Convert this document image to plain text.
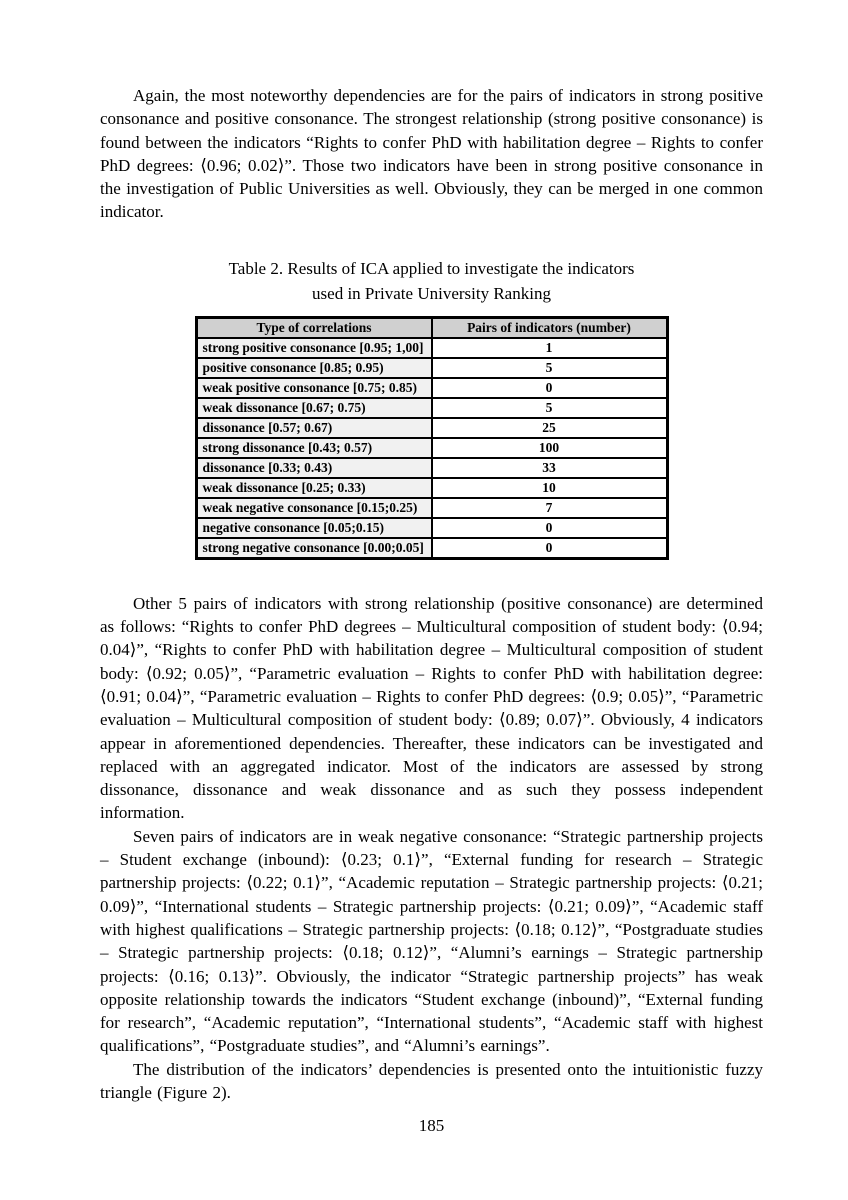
Again, the most noteworthy dependencies are for the pairs of indicators in strong positive consonance and positive consonance. The strongest relationship (strong positive consonance) is found between the indicators “Rights to confer PhD with habilitation degree – Rights to confer PhD degrees: ⟨0.96; 0.02⟩”. Those two indicators have been in strong positive consonance in the investigation of Public Universities as well. Obviously, they can be merged in one common indicator.

Table 2. Results of ICA applied to investigate the indicators
used in Private University Ranking
Type of correlations	Pairs of indicators (number)
strong positive consonance [0.95; 1,00]	1
positive consonance [0.85; 0.95)	5
weak positive consonance [0.75; 0.85)	0
weak dissonance [0.67; 0.75)	5
dissonance [0.57; 0.67)	25
strong dissonance [0.43; 0.57)	100
dissonance [0.33; 0.43)	33
weak dissonance [0.25; 0.33)	10
weak negative consonance [0.15;0.25)	7
negative consonance [0.05;0.15)	0
strong negative consonance [0.00;0.05]	0

Other 5 pairs of indicators with strong relationship (positive consonance) are determined as follows: “Rights to confer PhD degrees – Multicultural composition of student body: ⟨0.94; 0.04⟩”, “Rights to confer PhD with habilitation degree – Multicultural composition of student body: ⟨0.92; 0.05⟩”, “Parametric evaluation – Rights to confer PhD with habilitation degree: ⟨0.91; 0.04⟩”, “Parametric evaluation – Rights to confer PhD degrees: ⟨0.9; 0.05⟩”, “Parametric evaluation – Multicultural composition of student body: ⟨0.89; 0.07⟩”. Obviously, 4 indicators appear in aforementioned dependencies. Thereafter, these indicators can be investigated and replaced with an aggregated indicator. Most of the indicators are assessed by strong dissonance, dissonance and weak dissonance and as such they possess independent information.

Seven pairs of indicators are in weak negative consonance: “Strategic partnership projects – Student exchange (inbound): ⟨0.23; 0.1⟩”, “External funding for research – Strategic partnership projects: ⟨0.22; 0.1⟩”, “Academic reputation – Strategic partnership projects: ⟨0.21; 0.09⟩”, “International students – Strategic partnership projects: ⟨0.21; 0.09⟩”, “Academic staff with highest qualifications – Strategic partnership projects: ⟨0.18; 0.12⟩”, “Postgraduate studies – Strategic partnership projects: ⟨0.18; 0.12⟩”, “Alumni’s earnings – Strategic partnership projects: ⟨0.16; 0.13⟩”. Obviously, the indicator “Strategic partnership projects” has weak opposite relationship towards the indicators “Student exchange (inbound)”, “External funding for research”, “Academic reputation”, “International students”, “Academic staff with highest qualifications”, “Postgraduate studies”, and “Alumni’s earnings”.

The distribution of the indicators’ dependencies is presented onto the intuitionistic fuzzy triangle (Figure 2).

185
